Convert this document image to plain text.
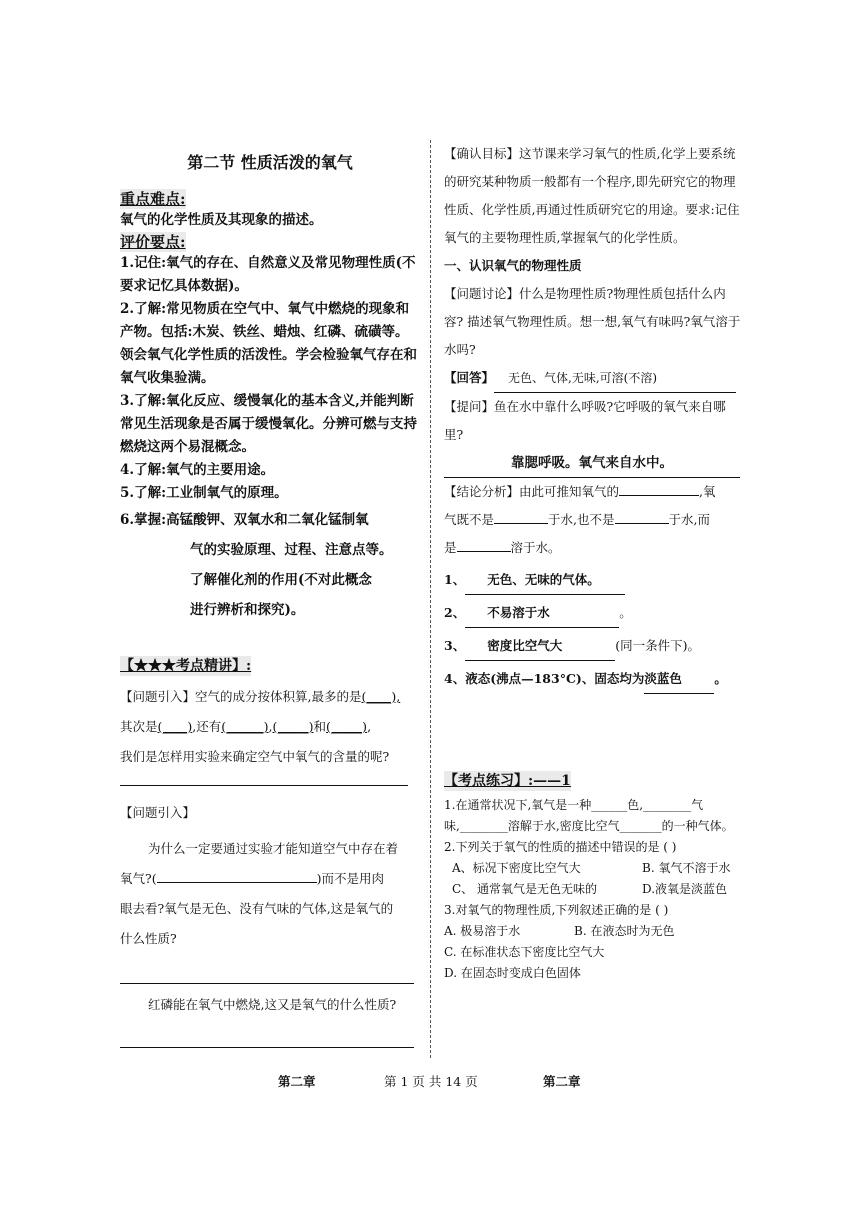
第二节 性质活泼的氧气

重点难点:

氧气的化学性质及其现象的描述。

评价要点:

1.记住:氧气的存在、自然意义及常见物理性质(不要求记忆具体数据)。

2.了解:常见物质在空气中、氧气中燃烧的现象和产物。包括:木炭、铁丝、蜡烛、红磷、硫磺等。领会氧气化学性质的活泼性。学会检验氧气存在和氧气收集验满。

3.了解:氧化反应、缓慢氧化的基本含义,并能判断常见生活现象是否属于缓慢氧化。分辨可燃与支持燃烧这两个易混概念。

4.了解:氧气的主要用途。

5.了解:工业制氧气的原理。

6.掌握:高锰酸钾、双氧水和二氧化锰制氧

气的实验原理、过程、注意点等。

了解催化剂的作用(不对此概念

进行辨析和探究)。

【★★★考点精讲】:

【问题引入】空气的成分按体积算,最多的是(____),

其次是(____),还有(______),(_____)和(_____),

我们是怎样用实验来确定空气中氧气的含量的呢?

【问题引入】

为什么一定要通过实验才能知道空气中存在着

氧气?(	)而不是用肉

眼去看?氧气是无色、没有气味的气体,这是氧气的

什么性质?

红磷能在氧气中燃烧,这又是氧气的什么性质?

【确认目标】这节课来学习氧气的性质,化学上要系统的研究某种物质一般都有一个程序,即先研究它的物理性质、化学性质,再通过性质研究它的用途。要求:记住氧气的主要物理性质,掌握氧气的化学性质。

一、认识氧气的物理性质

【问题讨论】什么是物理性质?物理性质包括什么内容? 描述氧气物理性质。想一想,氧气有味吗?氧气溶于水吗?

【回答】 无色、气体,无味,可溶(不溶)

【提问】鱼在水中靠什么呼吸?它呼吸的氧气来自哪里?

靠腮呼吸。氧气来自水中。

【结论分析】由此可推知氧气的	,氧

气既不是	于水,也不是	于水,而

是	溶于水。

1、 无色、无味的气体。

2、 不易溶于水	。

3、 密度比空气大	(同一条件下)。

4、液态(沸点—183°C)、固态均为淡蓝色	。

【考点练习】:——1

1.在通常状况下,氧气是一种______色,________气味,________溶解于水,密度比空气_______的一种气体。

2.下列关于氧气的性质的描述中错误的是 ( )

A、标况下密度比空气大	B. 氧气不溶于水

C、 通常氧气是无色无味的	D.液氧是淡蓝色

3.对氧气的物理性质,下列叙述正确的是 ( )

A. 极易溶于水	B. 在液态时为无色

C. 在标准状态下密度比空气大

D. 在固态时变成白色固体

第二章	第 1 页 共 14 页	第二章
